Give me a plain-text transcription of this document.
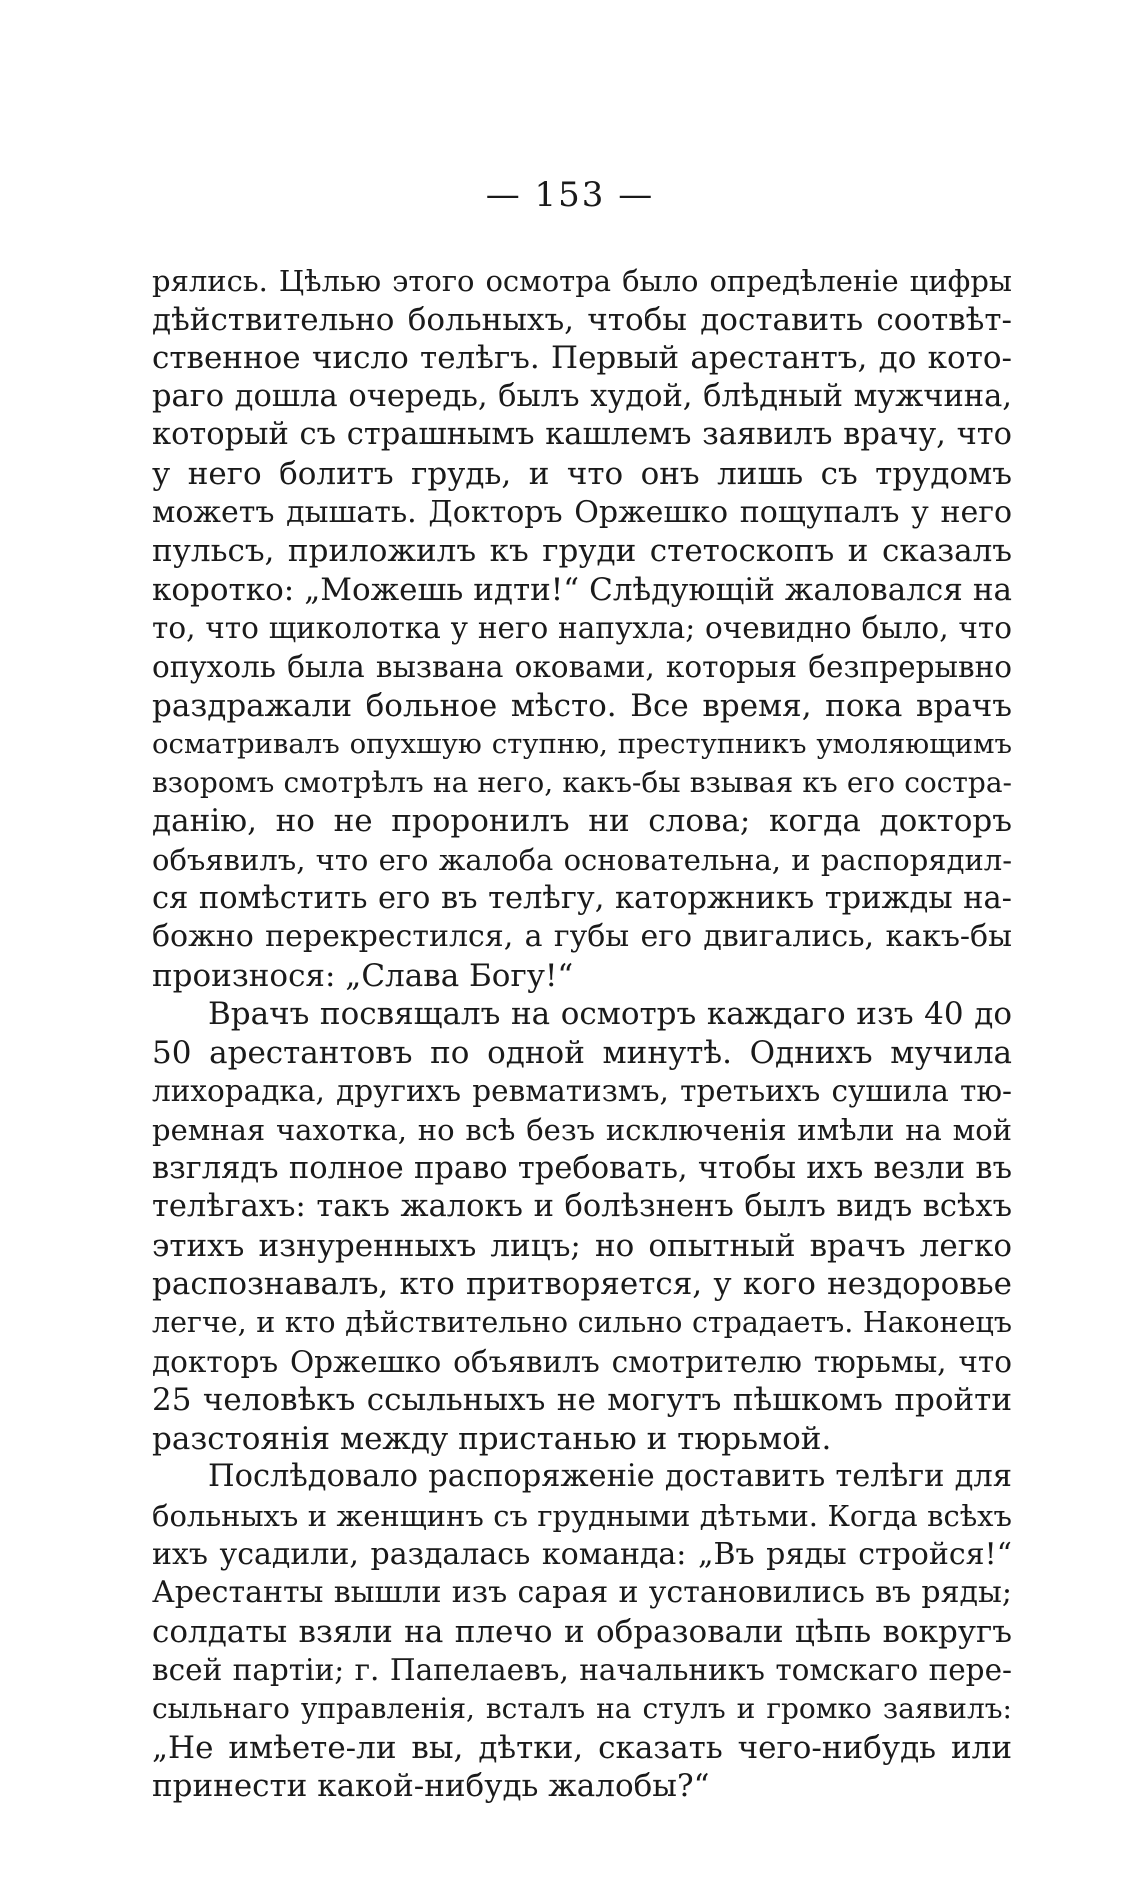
— 153 —
рялись. Цѣлью этого осмотра было опредѣленіе цифры
дѣйствительно больныхъ, чтобы доставить соотвѣт-
ственное число телѣгъ. Первый арестантъ, до кото-
раго дошла очередь, былъ худой, блѣдный мужчина,
который съ страшнымъ кашлемъ заявилъ врачу, что
у него болитъ грудь, и что онъ лишь съ трудомъ
можетъ дышать. Докторъ Оржешко пощупалъ у него
пульсъ, приложилъ къ груди стетоскопъ и сказалъ
коротко: „Можешь идти!“ Слѣдующій жаловался на
то, что щиколотка у него напухла; очевидно было, что
опухоль была вызвана оковами, которыя безпрерывно
раздражали больное мѣсто. Все время, пока врачъ
осматривалъ опухшую ступню, преступникъ умоляющимъ
взоромъ смотрѣлъ на него, какъ-бы взывая къ его состра-
данію, но не проронилъ ни слова; когда докторъ
объявилъ, что его жалоба основательна, и распорядил-
ся помѣстить его въ телѣгу, каторжникъ трижды на-
божно перекрестился, а губы его двигались, какъ-бы
произнося: „Слава Богу!“
Врачъ посвящалъ на осмотръ каждаго изъ 40 до
50 арестантовъ по одной минутѣ. Однихъ мучила
лихорадка, другихъ ревматизмъ, третьихъ сушила тю-
ремная чахотка, но всѣ безъ исключенія имѣли на мой
взглядъ полное право требовать, чтобы ихъ везли въ
телѣгахъ: такъ жалокъ и болѣзненъ былъ видъ всѣхъ
этихъ изнуренныхъ лицъ; но опытный врачъ легко
распознавалъ, кто притворяется, у кого нездоровье
легче, и кто дѣйствительно сильно страдаетъ. Наконецъ
докторъ Оржешко объявилъ смотрителю тюрьмы, что
25 человѣкъ ссыльныхъ не могутъ пѣшкомъ пройти
разстоянія между пристанью и тюрьмой.
Послѣдовало распоряженіе доставить телѣги для
больныхъ и женщинъ съ грудными дѣтьми. Когда всѣхъ
ихъ усадили, раздалась команда: „Въ ряды стройся!“
Арестанты вышли изъ сарая и установились въ ряды;
солдаты взяли на плечо и образовали цѣпь вокругъ
всей партіи; г. Папелаевъ, начальникъ томскаго пере-
сыльнаго управленія, всталъ на стулъ и громко заявилъ:
„Не имѣете-ли вы, дѣтки, сказать чего-нибудь или
принести какой-нибудь жалобы?“
